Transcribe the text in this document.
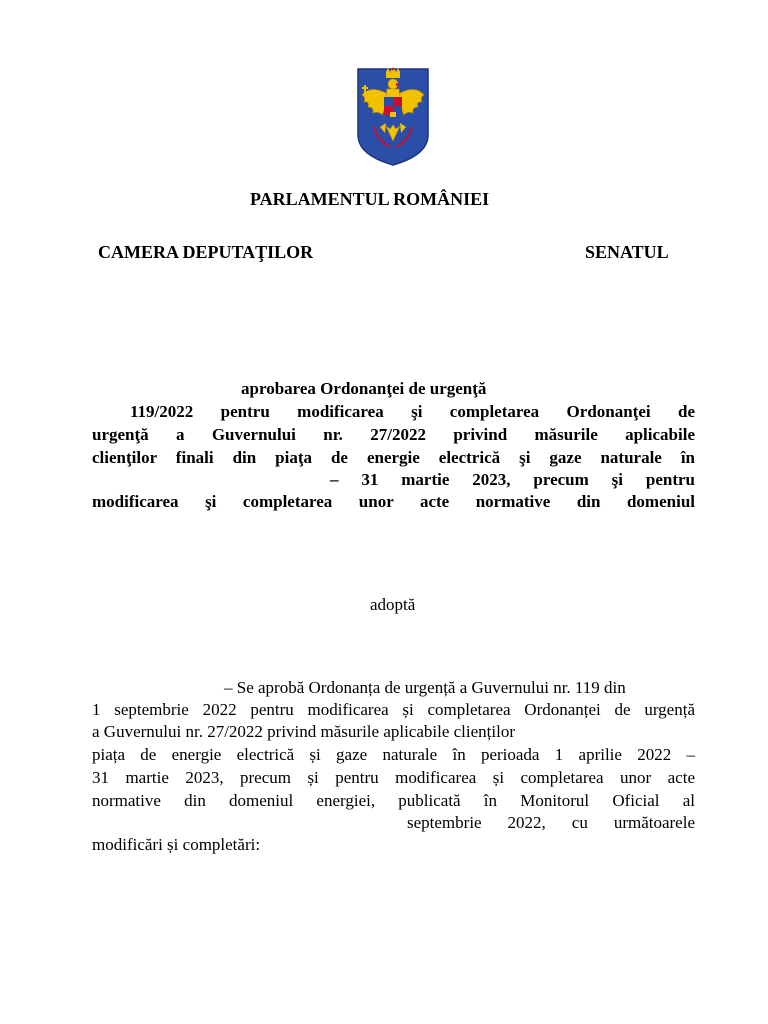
PARLAMENTUL ROMÂNIEI
CAMERA DEPUTAŢILOR	SENATUL
aprobarea Ordonanţei de urgenţă
119/2022 pentru modificarea şi completarea Ordonanţei de
urgenţă a Guvernului nr. 27/2022 privind măsurile aplicabile
clienţilor finali din piaţa de energie electrică şi gaze naturale în
– 31 martie 2023, precum şi pentru
modificarea şi completarea unor acte normative din domeniul
adoptă
– Se aprobă Ordonanța de urgență a Guvernului nr. 119 din
1 septembrie 2022 pentru modificarea și completarea Ordonanței de urgență
a Guvernului nr. 27/2022 privind măsurile aplicabile clienților
piața de energie electrică și gaze naturale în perioada 1 aprilie 2022 –
31 martie 2023, precum și pentru modificarea și completarea unor acte
normative din domeniul energiei, publicată în Monitorul Oficial al
septembrie 2022, cu următoarele
modificări și completări:
